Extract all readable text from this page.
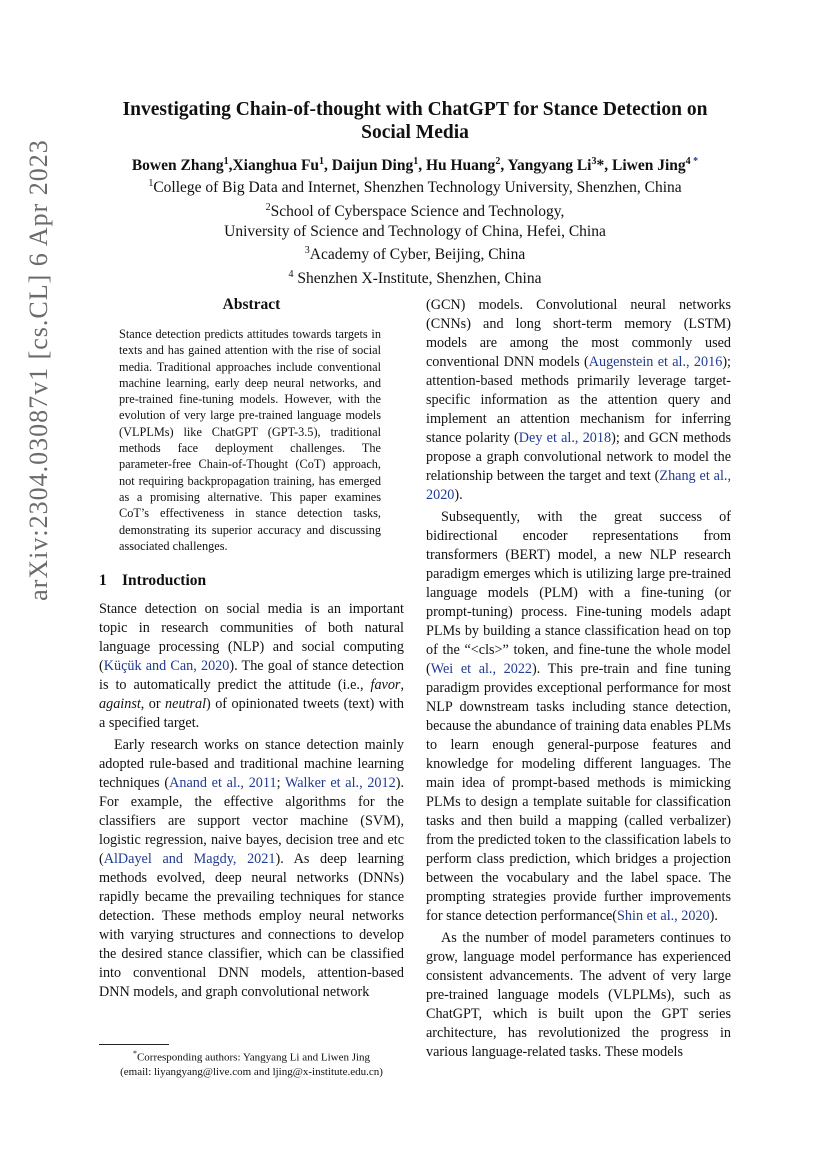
arXiv:2304.03087v1 [cs.CL] 6 Apr 2023
Investigating Chain-of-thought with ChatGPT for Stance Detection on
Social Media
Bowen Zhang$^1$,Xianghua Fu$^1$, Daijun Ding$^1$, Hu Huang$^2$, Yangyang Li$^3$*, Liwen Jing$^4$ *
$^1$College of Big Data and Internet, Shenzhen Technology University, Shenzhen, China
$^2$School of Cyberspace Science and Technology,
University of Science and Technology of China, Hefei, China
$^3$Academy of Cyber, Beijing, China
$^4$ Shenzhen X-Institute, Shenzhen, China
Abstract

Stance detection predicts attitudes towards targets in texts and has gained attention with the rise of social media. Traditional approaches include conventional machine learning, early deep neural networks, and pre-trained fine-tuning models. However, with the evolution of very large pre-trained language models (VLPLMs) like ChatGPT (GPT-3.5), traditional methods face deployment challenges. The parameter-free Chain-of-Thought (CoT) approach, not requiring backpropagation training, has emerged as a promising alternative. This paper examines CoT’s effectiveness in stance detection tasks, demonstrating its superior accuracy and discussing associated challenges.

1 Introduction

Stance detection on social media is an important topic in research communities of both natural language processing (NLP) and social computing (Küçük and Can, 2020). The goal of stance detection is to automatically predict the attitude (i.e., favor, against, or neutral) of opinionated tweets (text) with a specified target.

Early research works on stance detection mainly adopted rule-based and traditional machine learning techniques (Anand et al., 2011; Walker et al., 2012). For example, the effective algorithms for the classifiers are support vector machine (SVM), logistic regression, naive bayes, decision tree and etc (AlDayel and Magdy, 2021). As deep learning methods evolved, deep neural networks (DNNs) rapidly became the prevailing techniques for stance detection. These methods employ neural networks with varying structures and connections to develop the desired stance classifier, which can be classified into conventional DNN models, attention-based DNN models, and graph convolutional network

(GCN) models. Convolutional neural networks (CNNs) and long short-term memory (LSTM) models are among the most commonly used conventional DNN models (Augenstein et al., 2016); attention-based methods primarily leverage target-specific information as the attention query and implement an attention mechanism for inferring stance polarity (Dey et al., 2018); and GCN methods propose a graph convolutional network to model the relationship between the target and text (Zhang et al., 2020).

Subsequently, with the great success of bidirectional encoder representations from transformers (BERT) model, a new NLP research paradigm emerges which is utilizing large pre-trained language models (PLM) with a fine-tuning (or prompt-tuning) process. Fine-tuning models adapt PLMs by building a stance classification head on top of the “<cls>” token, and fine-tune the whole model (Wei et al., 2022). This pre-train and fine tuning paradigm provides exceptional performance for most NLP downstream tasks including stance detection, because the abundance of training data enables PLMs to learn enough general-purpose features and knowledge for modeling different languages. The main idea of prompt-based methods is mimicking PLMs to design a template suitable for classification tasks and then build a mapping (called verbalizer) from the predicted token to the classification labels to perform class prediction, which bridges a projection between the vocabulary and the label space. The prompting strategies provide further improvements for stance detection performance(Shin et al., 2020).

As the number of model parameters continues to grow, language model performance has experienced consistent advancements. The advent of very large pre-trained language models (VLPLMs), such as ChatGPT, which is built upon the GPT series architecture, has revolutionized the progress in various language-related tasks. These models

*Corresponding authors: Yangyang Li and Liwen Jing
(email: liyangyang@live.com and ljing@x-institute.edu.cn)
